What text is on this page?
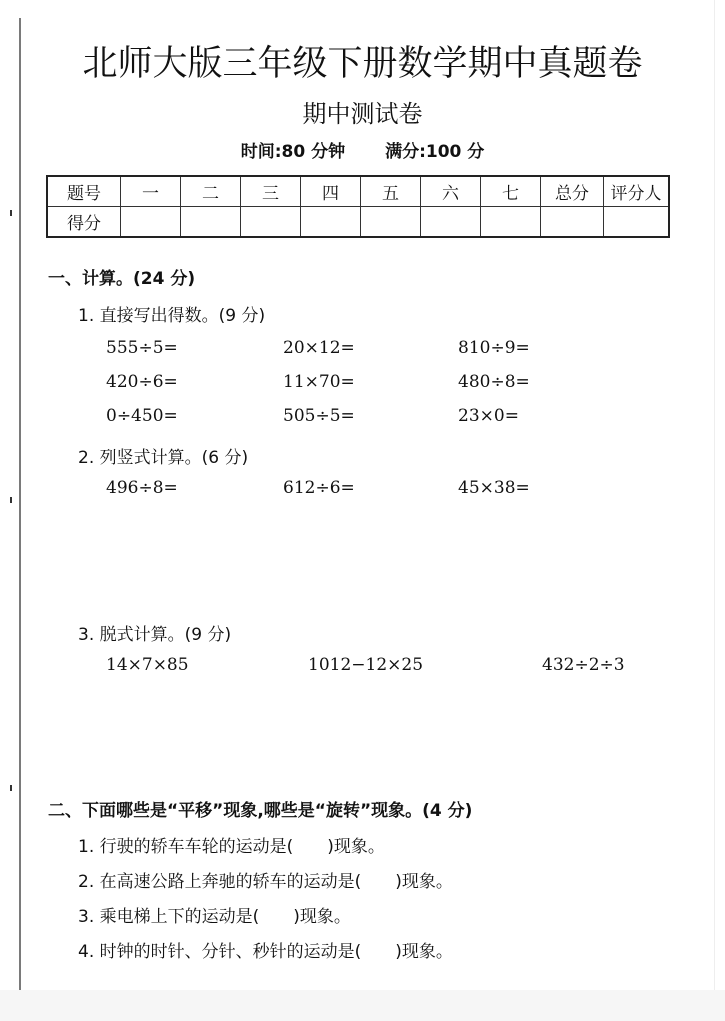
北师大版三年级下册数学期中真题卷
期中测试卷
时间:80 分钟 满分:100 分
题号	一	二	三	四	五	六	七	总分	评分人
得分									
一、计算。(24 分)
1. 直接写出得数。(9 分)
555÷5=	20×12=	810÷9=
420÷6=	11×70=	480÷8=
0÷450=	505÷5=	23×0=
2. 列竖式计算。(6 分)
496÷8=	612÷6=	45×38=
3. 脱式计算。(9 分)
14×7×85	1012−12×25	432÷2÷3
二、下面哪些是“平移”现象,哪些是“旋转”现象。(4 分)
1. 行驶的轿车车轮的运动是(　　)现象。
2. 在高速公路上奔驰的轿车的运动是(　　)现象。
3. 乘电梯上下的运动是(　　)现象。
4. 时钟的时针、分针、秒针的运动是(　　)现象。
